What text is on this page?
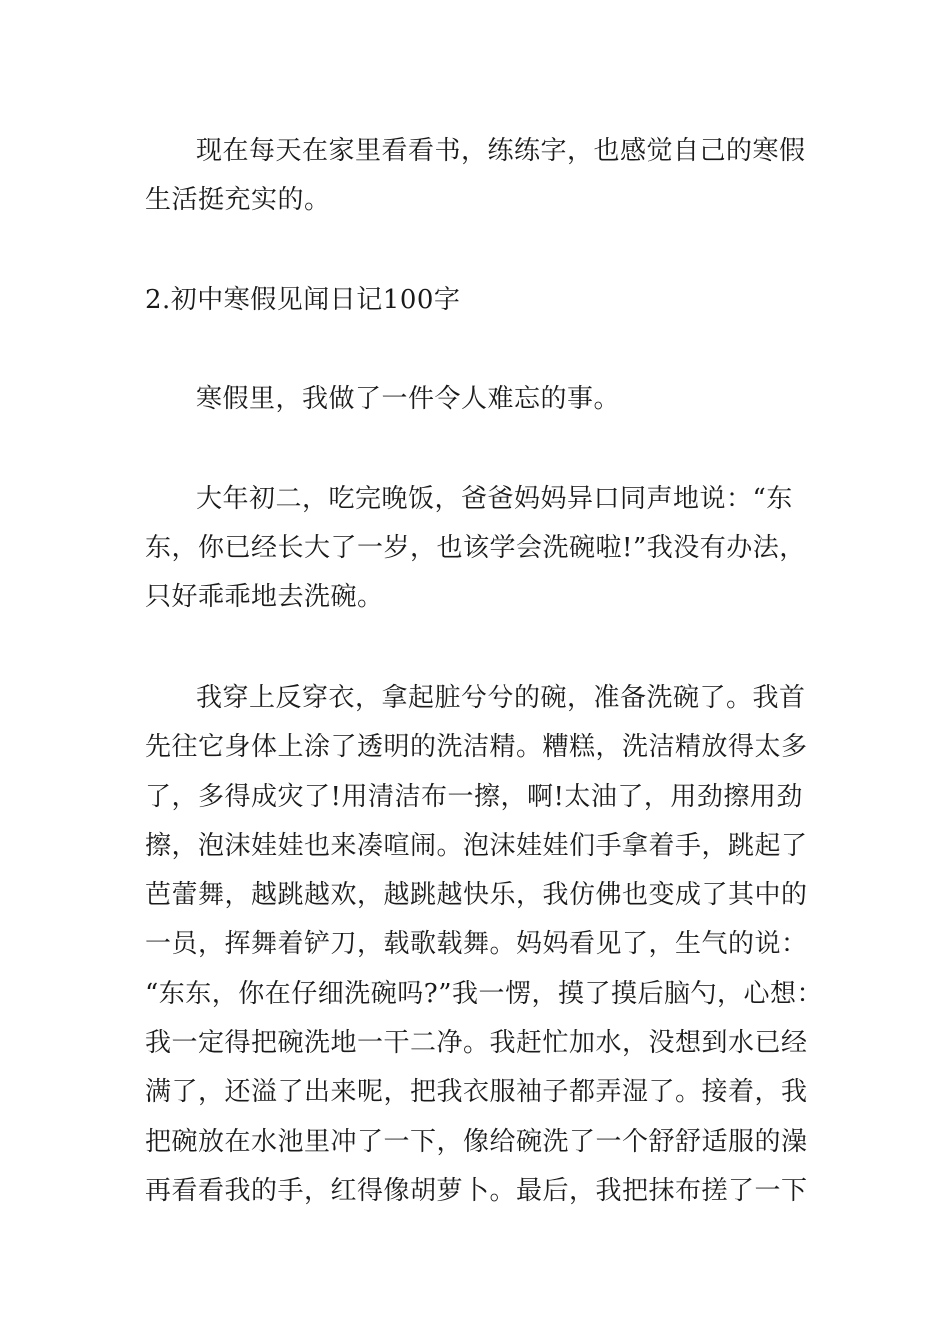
现在每天在家里看看书，练练字，也感觉自己的寒假
生活挺充实的。
2.初中寒假见闻日记100字
寒假里，我做了一件令人难忘的事。
大年初二，吃完晚饭，爸爸妈妈异口同声地说：“东
东，你已经长大了一岁，也该学会洗碗啦!”我没有办法，
只好乖乖地去洗碗。
我穿上反穿衣，拿起脏兮兮的碗，准备洗碗了。我首
先往它身体上涂了透明的洗洁精。糟糕，洗洁精放得太多
了，多得成灾了!用清洁布一擦，啊!太油了，用劲擦用劲
擦，泡沫娃娃也来凑喧闹。泡沫娃娃们手拿着手，跳起了
芭蕾舞，越跳越欢，越跳越快乐，我仿佛也变成了其中的
一员，挥舞着铲刀，载歌载舞。妈妈看见了，生气的说：
“东东，你在仔细洗碗吗?”我一愣，摸了摸后脑勺，心想：
我一定得把碗洗地一干二净。我赶忙加水，没想到水已经
满了，还溢了出来呢，把我衣服袖子都弄湿了。接着，我
把碗放在水池里冲了一下，像给碗洗了一个舒舒适服的澡
再看看我的手，红得像胡萝卜。最后，我把抹布搓了一下
